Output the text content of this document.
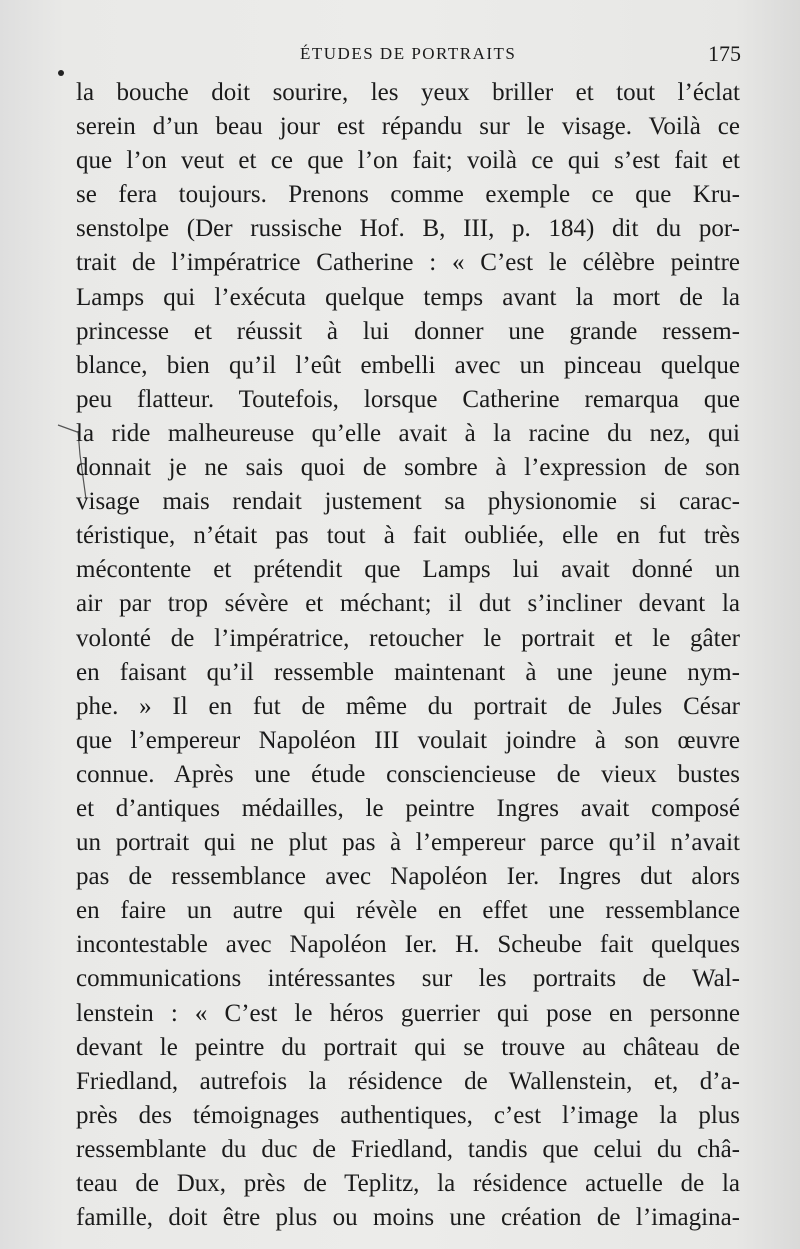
ÉTUDES DE PORTRAITS	175
la bouche doit sourire, les yeux briller et tout l’éclat
serein d’un beau jour est répandu sur le visage. Voilà ce
que l’on veut et ce que l’on fait; voilà ce qui s’est fait et
se fera toujours. Prenons comme exemple ce que Kru-
senstolpe (Der russische Hof. B, III, p. 184) dit du por-
trait de l’impératrice Catherine : « C’est le célèbre peintre
Lamps qui l’exécuta quelque temps avant la mort de la
princesse et réussit à lui donner une grande ressem-
blance, bien qu’il l’eût embelli avec un pinceau quelque
peu flatteur. Toutefois, lorsque Catherine remarqua que
la ride malheureuse qu’elle avait à la racine du nez, qui
donnait je ne sais quoi de sombre à l’expression de son
visage mais rendait justement sa physionomie si carac-
téristique, n’était pas tout à fait oubliée, elle en fut très
mécontente et prétendit que Lamps lui avait donné un
air par trop sévère et méchant; il dut s’incliner devant la
volonté de l’impératrice, retoucher le portrait et le gâter
en faisant qu’il ressemble maintenant à une jeune nym-
phe. » Il en fut de même du portrait de Jules César
que l’empereur Napoléon III voulait joindre à son œuvre
connue. Après une étude consciencieuse de vieux bustes
et d’antiques médailles, le peintre Ingres avait composé
un portrait qui ne plut pas à l’empereur parce qu’il n’avait
pas de ressemblance avec Napoléon Ier. Ingres dut alors
en faire un autre qui révèle en effet une ressemblance
incontestable avec Napoléon Ier. H. Scheube fait quelques
communications intéressantes sur les portraits de Wal-
lenstein : « C’est le héros guerrier qui pose en personne
devant le peintre du portrait qui se trouve au château de
Friedland, autrefois la résidence de Wallenstein, et, d’a-
près des témoignages authentiques, c’est l’image la plus
ressemblante du duc de Friedland, tandis que celui du châ-
teau de Dux, près de Teplitz, la résidence actuelle de la
famille, doit être plus ou moins une création de l’imagina-
